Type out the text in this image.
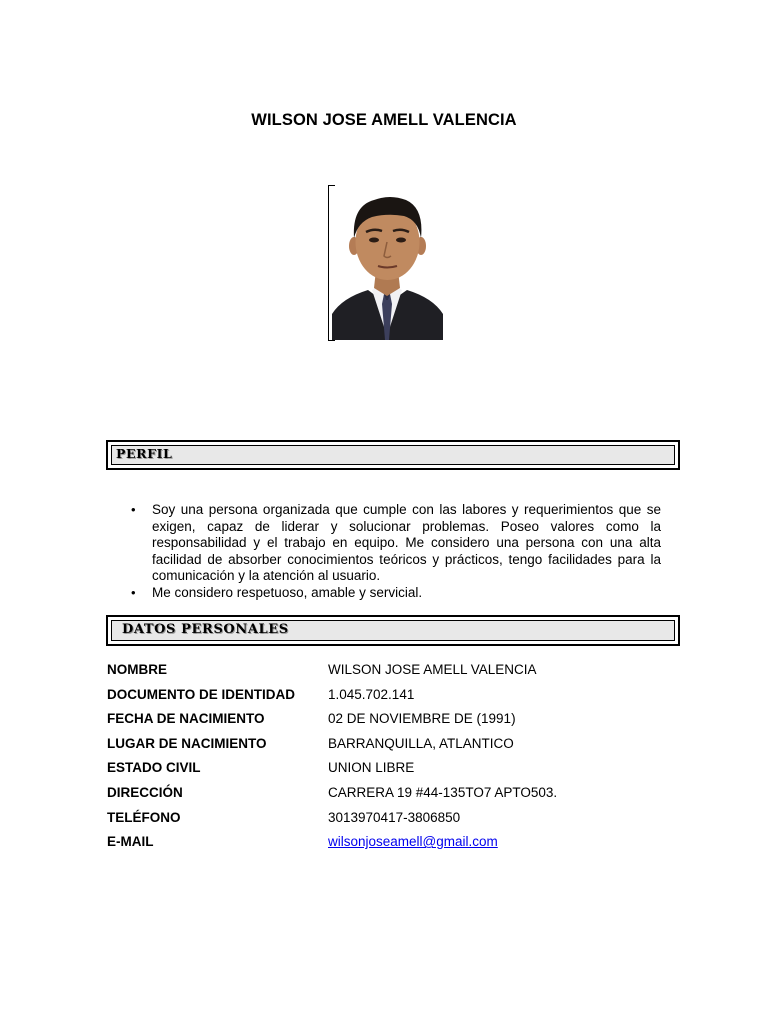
WILSON JOSE AMELL VALENCIA
PERFIL
• Soy una persona organizada que cumple con las labores y requerimientos que se exigen, capaz de liderar y solucionar problemas. Poseo valores como la responsabilidad y el trabajo en equipo. Me considero una persona con una alta facilidad de absorber conocimientos teóricos y prácticos, tengo facilidades para la comunicación y la atención al usuario.
• Me considero respetuoso, amable y servicial.
DATOS PERSONALES
NOMBRE	WILSON JOSE AMELL VALENCIA
DOCUMENTO DE IDENTIDAD	1.045.702.141
FECHA DE NACIMIENTO	02 DE NOVIEMBRE DE (1991)
LUGAR DE NACIMIENTO	BARRANQUILLA, ATLANTICO
ESTADO CIVIL	UNION LIBRE
DIRECCIÓN	CARRERA 19 #44-135TO7 APTO503.
TELÉFONO	3013970417-3806850
E-MAIL	wilsonjoseamell@gmail.com
